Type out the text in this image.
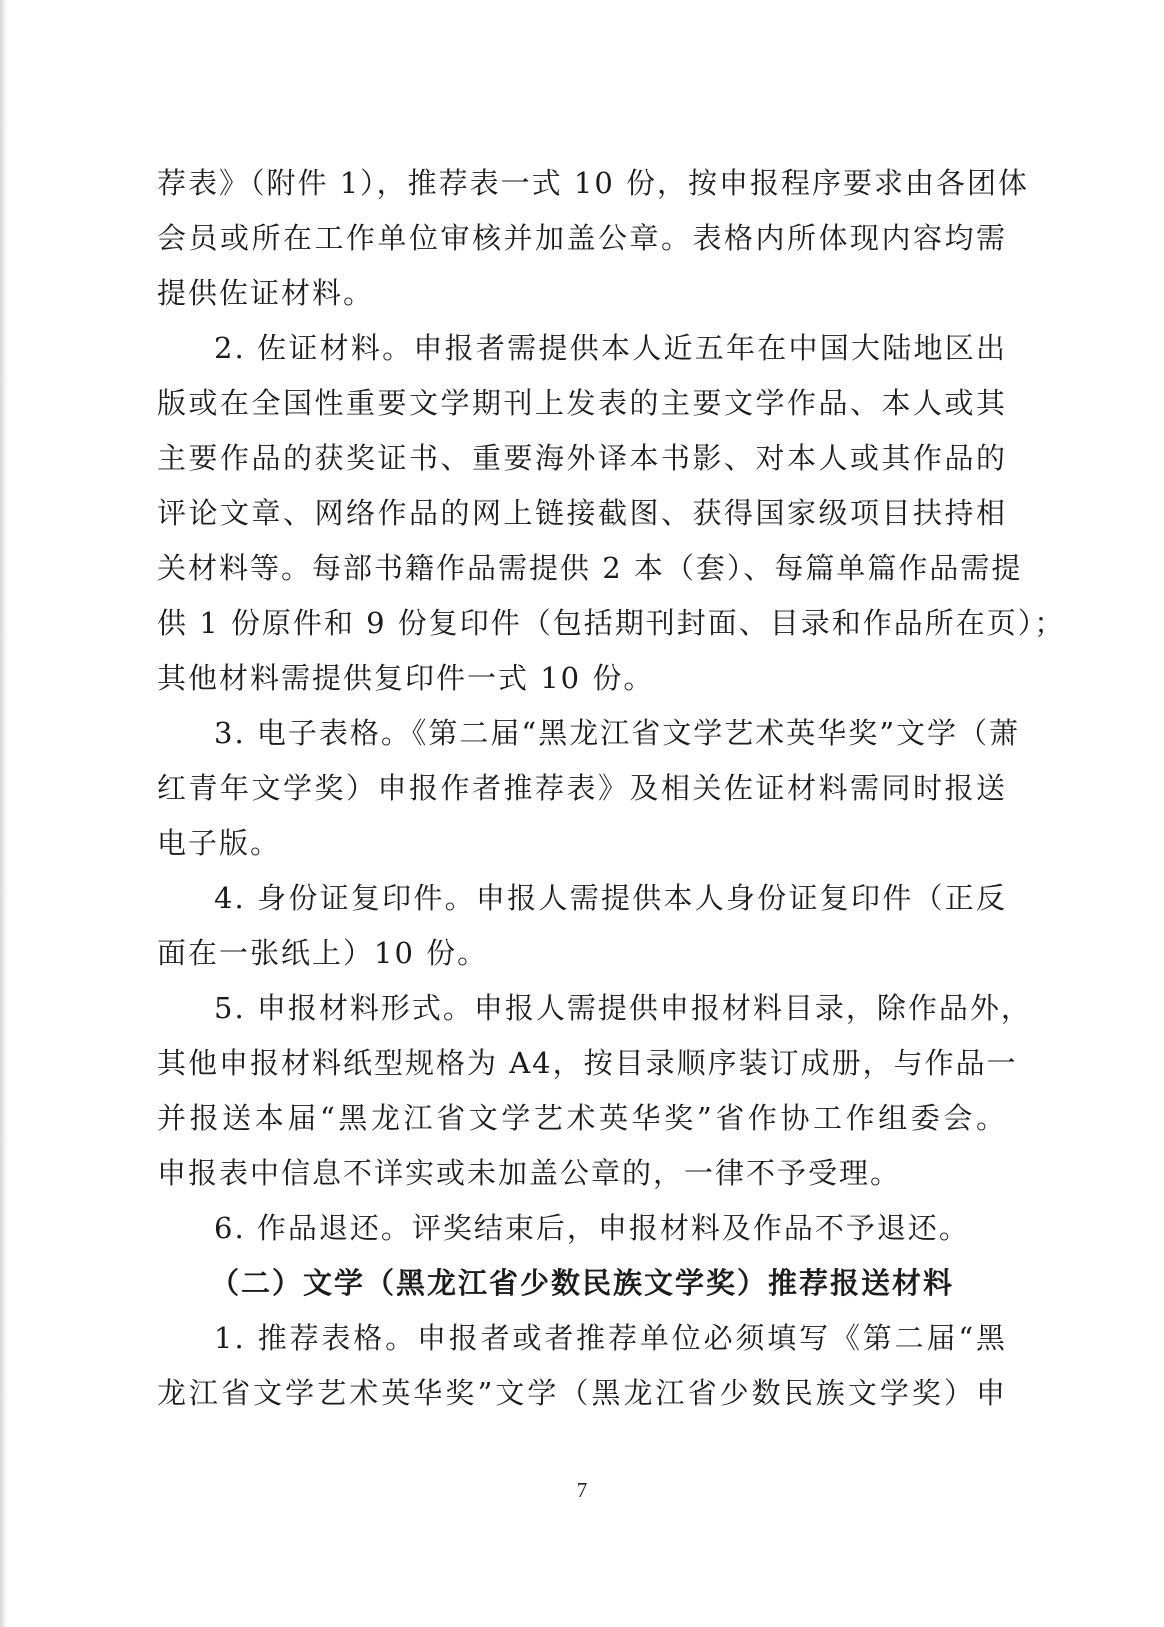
荐表》（附件 1），推荐表一式 10 份，按申报程序要求由各团体
会员或所在工作单位审核并加盖公章。表格内所体现内容均需
提供佐证材料。
2. 佐证材料。申报者需提供本人近五年在中国大陆地区出
版或在全国性重要文学期刊上发表的主要文学作品、本人或其
主要作品的获奖证书、重要海外译本书影、对本人或其作品的
评论文章、网络作品的网上链接截图、获得国家级项目扶持相
关材料等。每部书籍作品需提供 2 本（套）、每篇单篇作品需提
供 1 份原件和 9 份复印件（包括期刊封面、目录和作品所在页）；
其他材料需提供复印件一式 10 份。
3. 电子表格。《第二届“黑龙江省文学艺术英华奖”文学（萧
红青年文学奖）申报作者推荐表》及相关佐证材料需同时报送
电子版。
4. 身份证复印件。申报人需提供本人身份证复印件（正反
面在一张纸上）10 份。
5. 申报材料形式。申报人需提供申报材料目录，除作品外，
其他申报材料纸型规格为 A4，按目录顺序装订成册，与作品一
并报送本届“黑龙江省文学艺术英华奖”省作协工作组委会。
申报表中信息不详实或未加盖公章的，一律不予受理。
6. 作品退还。评奖结束后，申报材料及作品不予退还。
（二）文学（黑龙江省少数民族文学奖）推荐报送材料
1. 推荐表格。申报者或者推荐单位必须填写《第二届“黑
龙江省文学艺术英华奖”文学（黑龙江省少数民族文学奖）申
7
